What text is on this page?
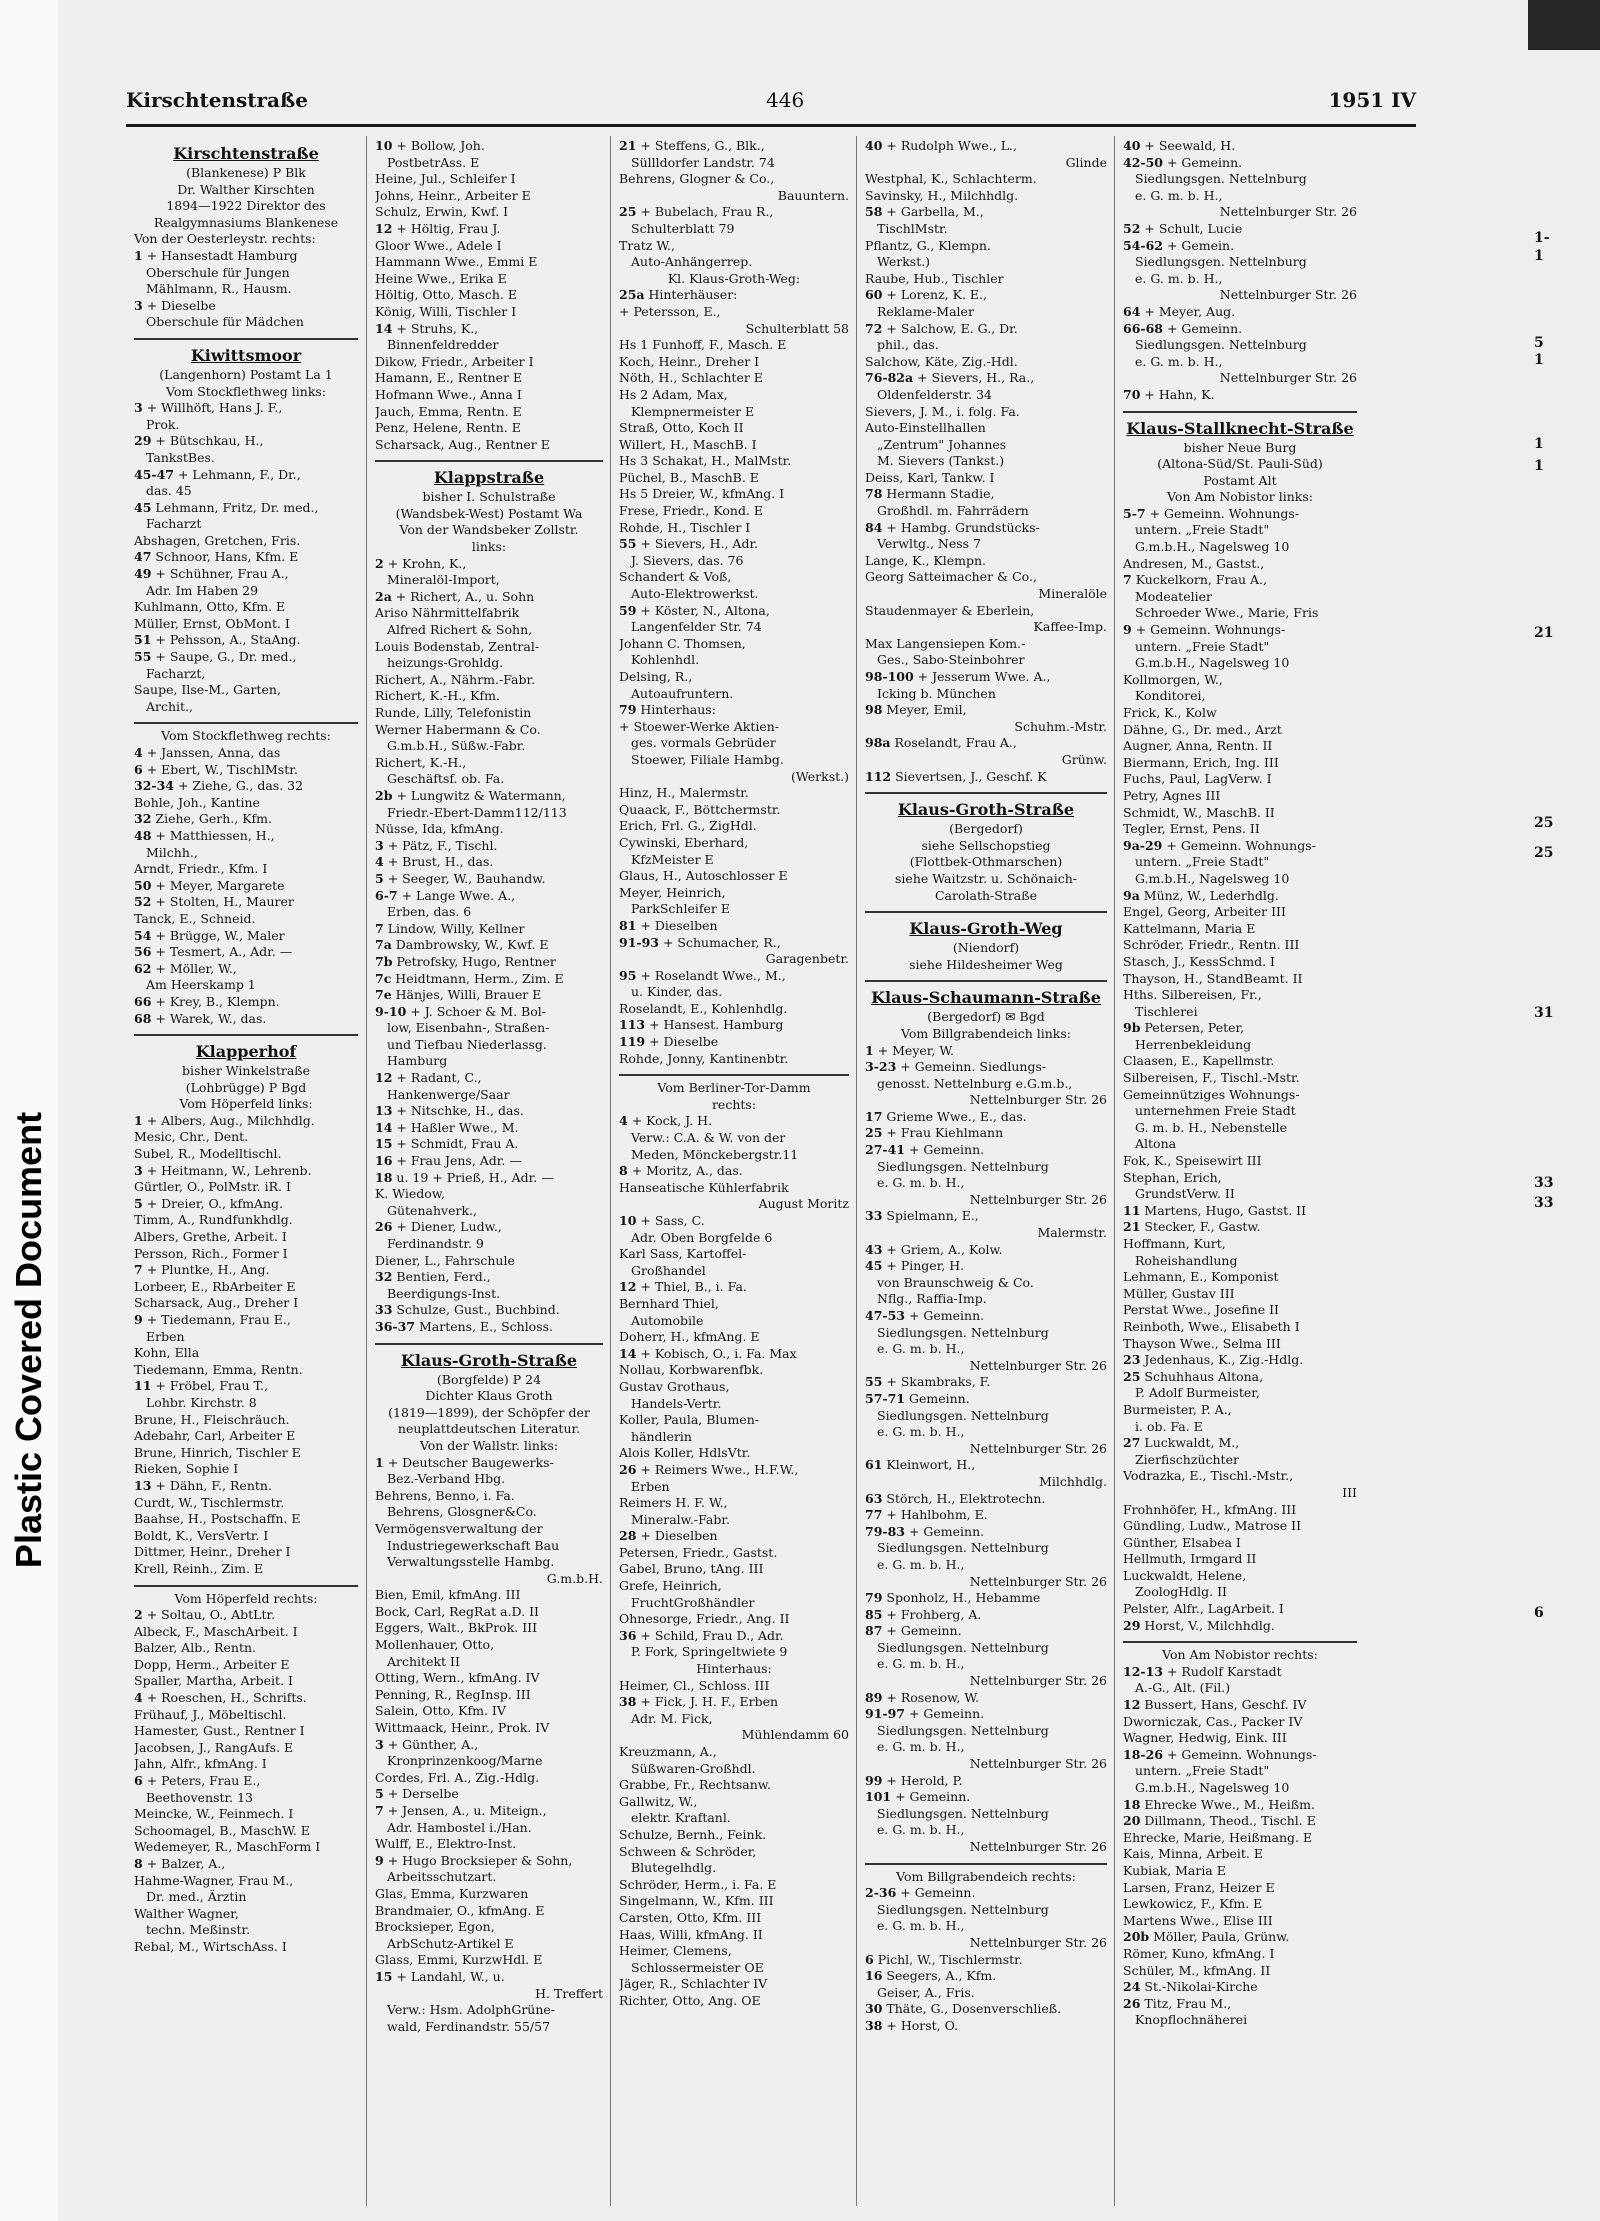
Plastic Covered Document
Kirschtenstraße	446	1951 IV
Kirschtenstraße
(Blankenese) P Blk
Dr. Walther Kirschten
1894—1922 Direktor des
Realgymnasiums Blankenese
Von der Oesterleystr. rechts:
1 + Hansestadt Hamburg
Oberschule für Jungen
Mählmann, R., Hausm.
3 + Dieselbe
Oberschule für Mädchen
Kiwittsmoor
(Langenhorn) Postamt La 1
Vom Stockflethweg links:
3 + Willhöft, Hans J. F.,
Prok.
29 + Bütschkau, H.,
TankstBes.
45-47 + Lehmann, F., Dr.,
das. 45
45 Lehmann, Fritz, Dr. med.,
Facharzt
Abshagen, Gretchen, Fris.
47 Schnoor, Hans, Kfm. E
49 + Schühner, Frau A.,
Adr. Im Haben 29
Kuhlmann, Otto, Kfm. E
Müller, Ernst, ObMont. I
51 + Pehsson, A., StaAng.
55 + Saupe, G., Dr. med.,
Facharzt,
Saupe, Ilse-M., Garten,
Archit.,
Vom Stockflethweg rechts:
4 + Janssen, Anna, das
6 + Ebert, W., TischlMstr.
32-34 + Ziehe, G., das. 32
Bohle, Joh., Kantine
32 Ziehe, Gerh., Kfm.
48 + Matthiessen, H.,
Milchh.,
Arndt, Friedr., Kfm. I
50 + Meyer, Margarete
52 + Stolten, H., Maurer
Tanck, E., Schneid.
54 + Brügge, W., Maler
56 + Tesmert, A., Adr. —
62 + Möller, W.,
Am Heerskamp 1
66 + Krey, B., Klempn.
68 + Warek, W., das.
Klapperhof
bisher Winkelstraße
(Lohbrügge) P Bgd
Vom Höperfeld links:
1 + Albers, Aug., Milchhdlg.
Mesic, Chr., Dent.
Subel, R., Modelltischl.
3 + Heitmann, W., Lehrenb.
Gürtler, O., PolMstr. iR. I
5 + Dreier, O., kfmAng.
Timm, A., Rundfunkhdlg.
Albers, Grethe, Arbeit. I
Persson, Rich., Former I
7 + Pluntke, H., Ang.
Lorbeer, E., RbArbeiter E
Scharsack, Aug., Dreher I
9 + Tiedemann, Frau E.,
Erben
Kohn, Ella
Tiedemann, Emma, Rentn.
11 + Fröbel, Frau T.,
Lohbr. Kirchstr. 8
Brune, H., Fleischräuch.
Adebahr, Carl, Arbeiter E
Brune, Hinrich, Tischler E
Rieken, Sophie I
13 + Dähn, F., Rentn.
Curdt, W., Tischlermstr.
Baahse, H., Postschaffn. E
Boldt, K., VersVertr. I
Dittmer, Heinr., Dreher I
Krell, Reinh., Zim. E
Vom Höperfeld rechts:
2 + Soltau, O., AbtLtr.
Albeck, F., MaschArbeit. I
Balzer, Alb., Rentn.
Dopp, Herm., Arbeiter E
Spaller, Martha, Arbeit. I
4 + Roeschen, H., Schrifts.
Frühauf, J., Möbeltischl.
Hamester, Gust., Rentner I
Jacobsen, J., RangAufs. E
Jahn, Alfr., kfmAng. I
6 + Peters, Frau E.,
Beethovenstr. 13
Meincke, W., Feinmech. I
Schoomagel, B., MaschW. E
Wedemeyer, R., MaschForm I
8 + Balzer, A.,
Hahme-Wagner, Frau M.,
Dr. med., Ärztin
Walther Wagner,
techn. Meßinstr.
Rebal, M., WirtschAss. I
10 + Bollow, Joh.
PostbetrAss. E
Heine, Jul., Schleifer I
Johns, Heinr., Arbeiter E
Schulz, Erwin, Kwf. I
12 + Höltig, Frau J.
Gloor Wwe., Adele I
Hammann Wwe., Emmi E
Heine Wwe., Erika E
Höltig, Otto, Masch. E
König, Willi, Tischler I
14 + Struhs, K.,
Binnenfeldredder
Dikow, Friedr., Arbeiter I
Hamann, E., Rentner E
Hofmann Wwe., Anna I
Jauch, Emma, Rentn. E
Penz, Helene, Rentn. E
Scharsack, Aug., Rentner E
Klappstraße
bisher I. Schulstraße
(Wandsbek-West) Postamt Wa
Von der Wandsbeker Zollstr.
links:
2 + Krohn, K.,
Mineralöl-Import,
2a + Richert, A., u. Sohn
Ariso Nährmittelfabrik
Alfred Richert & Sohn,
Louis Bodenstab, Zentral-
heizungs-Grohldg.
Richert, A., Nährm.-Fabr.
Richert, K.-H., Kfm.
Runde, Lilly, Telefonistin
Werner Habermann & Co.
G.m.b.H., Süßw.-Fabr.
Richert, K.-H.,
Geschäftsf. ob. Fa.
2b + Lungwitz & Watermann,
Friedr.-Ebert-Damm112/113
Nüsse, Ida, kfmAng.
3 + Pätz, F., Tischl.
4 + Brust, H., das.
5 + Seeger, W., Bauhandw.
6-7 + Lange Wwe. A.,
Erben, das. 6
7 Lindow, Willy, Kellner
7a Dambrowsky, W., Kwf. E
7b Petrofsky, Hugo, Rentner
7c Heidtmann, Herm., Zim. E
7e Hänjes, Willi, Brauer E
9-10 + J. Schoer & M. Bol-
low, Eisenbahn-, Straßen-
und Tiefbau Niederlassg.
Hamburg
12 + Radant, C.,
Hankenwerge/Saar
13 + Nitschke, H., das.
14 + Haßler Wwe., M.
15 + Schmidt, Frau A.
16 + Frau Jens, Adr. —
18 u. 19 + Prieß, H., Adr. —
K. Wiedow,
Gütenahverk.,
26 + Diener, Ludw.,
Ferdinandstr. 9
Diener, L., Fahrschule
32 Bentien, Ferd.,
Beerdigungs-Inst.
33 Schulze, Gust., Buchbind.
36-37 Martens, E., Schloss.
Klaus-Groth-Straße
(Borgfelde) P 24
Dichter Klaus Groth
(1819—1899), der Schöpfer der
neuplattdeutschen Literatur.
Von der Wallstr. links:
1 + Deutscher Baugewerks-
Bez.-Verband Hbg.
Behrens, Benno, i. Fa.
Behrens, Glosgner&Co.
Vermögensverwaltung der
Industriegewerkschaft Bau
Verwaltungsstelle Hambg.
G.m.b.H.
Bien, Emil, kfmAng. III
Bock, Carl, RegRat a.D. II
Eggers, Walt., BkProk. III
Mollenhauer, Otto,
Architekt II
Otting, Wern., kfmAng. IV
Penning, R., RegInsp. III
Salein, Otto, Kfm. IV
Wittmaack, Heinr., Prok. IV
3 + Günther, A.,
Kronprinzenkoog/Marne
Cordes, Frl. A., Zig.-Hdlg.
5 + Derselbe
7 + Jensen, A., u. Miteign.,
Adr. Hambostel i./Han.
Wulff, E., Elektro-Inst.
9 + Hugo Brocksieper & Sohn,
Arbeitsschutzart.
Glas, Emma, Kurzwaren
Brandmaier, O., kfmAng. E
Brocksieper, Egon,
ArbSchutz-Artikel E
Glass, Emmi, KurzwHdl. E
15 + Landahl, W., u.
H. Treffert
Verw.: Hsm. AdolphGrüne-
wald, Ferdinandstr. 55/57
21 + Steffens, G., Blk.,
Süllldorfer Landstr. 74
Behrens, Glogner & Co.,
Bauuntern.
25 + Bubelach, Frau R.,
Schulterblatt 79
Tratz W.,
Auto-Anhängerrep.
Kl. Klaus-Groth-Weg:
25a Hinterhäuser:
+ Petersson, E.,
Schulterblatt 58
Hs 1 Funhoff, F., Masch. E
Koch, Heinr., Dreher I
Nöth, H., Schlachter E
Hs 2 Adam, Max,
Klempnermeister E
Straß, Otto, Koch II
Willert, H., MaschB. I
Hs 3 Schakat, H., MalMstr.
Püchel, B., MaschB. E
Hs 5 Dreier, W., kfmAng. I
Frese, Friedr., Kond. E
Rohde, H., Tischler I
55 + Sievers, H., Adr.
J. Sievers, das. 76
Schandert & Voß,
Auto-Elektrowerkst.
59 + Köster, N., Altona,
Langenfelder Str. 74
Johann C. Thomsen,
Kohlenhdl.
Delsing, R.,
Autoaufruntern.
79 Hinterhaus:
+ Stoewer-Werke Aktien-
ges. vormals Gebrüder
Stoewer, Filiale Hambg.
(Werkst.)
Hinz, H., Malermstr.
Quaack, F., Böttchermstr.
Erich, Frl. G., ZigHdl.
Cywinski, Eberhard,
KfzMeister E
Glaus, H., Autoschlosser E
Meyer, Heinrich,
ParkSchleifer E
81 + Dieselben
91-93 + Schumacher, R.,
Garagenbetr.
95 + Roselandt Wwe., M.,
u. Kinder, das.
Roselandt, E., Kohlenhdlg.
113 + Hansest. Hamburg
119 + Dieselbe
Rohde, Jonny, Kantinenbtr.
Vom Berliner-Tor-Damm
rechts:
4 + Kock, J. H.
Verw.: C.A. & W. von der
Meden, Mönckebergstr.11
8 + Moritz, A., das.
Hanseatische Kühlerfabrik
August Moritz
10 + Sass, C.
Adr. Oben Borgfelde 6
Karl Sass, Kartoffel-
Großhandel
12 + Thiel, B., i. Fa.
Bernhard Thiel,
Automobile
Doherr, H., kfmAng. E
14 + Kobisch, O., i. Fa. Max
Nollau, Korbwarenfbk.
Gustav Grothaus,
Handels-Vertr.
Koller, Paula, Blumen-
händlerin
Alois Koller, HdlsVtr.
26 + Reimers Wwe., H.F.W.,
Erben
Reimers H. F. W.,
Mineralw.-Fabr.
28 + Dieselben
Petersen, Friedr., Gastst.
Gabel, Bruno, tAng. III
Grefe, Heinrich,
FruchtGroßhändler
Ohnesorge, Friedr., Ang. II
36 + Schild, Frau D., Adr.
P. Fork, Springeltwiete 9
Hinterhaus:
Heimer, Cl., Schloss. III
38 + Fick, J. H. F., Erben
Adr. M. Fick,
Mühlendamm 60
Kreuzmann, A.,
Süßwaren-Großhdl.
Grabbe, Fr., Rechtsanw.
Gallwitz, W.,
elektr. Kraftanl.
Schulze, Bernh., Feink.
Schween & Schröder,
Blutegelhdlg.
Schröder, Herm., i. Fa. E
Singelmann, W., Kfm. III
Carsten, Otto, Kfm. III
Haas, Willi, kfmAng. II
Heimer, Clemens,
Schlossermeister OE
Jäger, R., Schlachter IV
Richter, Otto, Ang. OE
40 + Rudolph Wwe., L.,
Glinde
Westphal, K., Schlachterm.
Savinsky, H., Milchhdlg.
58 + Garbella, M.,
TischlMstr.
Pflantz, G., Klempn.
Werkst.)
Raube, Hub., Tischler
60 + Lorenz, K. E.,
Reklame-Maler
72 + Salchow, E. G., Dr.
phil., das.
Salchow, Käte, Zig.-Hdl.
76-82a + Sievers, H., Ra.,
Oldenfelderstr. 34
Sievers, J. M., i. folg. Fa.
Auto-Einstellhallen
„Zentrum" Johannes
M. Sievers (Tankst.)
Deiss, Karl, Tankw. I
78 Hermann Stadie,
Großhdl. m. Fahrrädern
84 + Hambg. Grundstücks-
Verwltg., Ness 7
Lange, K., Klempn.
Georg Satteimacher & Co.,
Mineralöle
Staudenmayer & Eberlein,
Kaffee-Imp.
Max Langensiepen Kom.-
Ges., Sabo-Steinbohrer
98-100 + Jesserum Wwe. A.,
Icking b. München
98 Meyer, Emil,
Schuhm.-Mstr.
98a Roselandt, Frau A.,
Grünw.
112 Sievertsen, J., Geschf. K
Klaus-Groth-Straße
(Bergedorf)
siehe Sellschopstieg
(Flottbek-Othmarschen)
siehe Waitzstr. u. Schönaich-
Carolath-Straße
Klaus-Groth-Weg
(Niendorf)
siehe Hildesheimer Weg
Klaus-Schaumann-Straße
(Bergedorf) ✉ Bgd
Vom Billgrabendeich links:
1 + Meyer, W.
3-23 + Gemeinn. Siedlungs-
genosst. Nettelnburg e.G.m.b.,
Nettelnburger Str. 26
17 Grieme Wwe., E., das.
25 + Frau Kiehlmann
27-41 + Gemeinn.
Siedlungsgen. Nettelnburg
e. G. m. b. H.,
Nettelnburger Str. 26
33 Spielmann, E.,
Malermstr.
43 + Griem, A., Kolw.
45 + Pinger, H.
von Braunschweig & Co.
Nflg., Raffia-Imp.
47-53 + Gemeinn.
Siedlungsgen. Nettelnburg
e. G. m. b. H.,
Nettelnburger Str. 26
55 + Skambraks, F.
57-71 Gemeinn.
Siedlungsgen. Nettelnburg
e. G. m. b. H.,
Nettelnburger Str. 26
61 Kleinwort, H.,
Milchhdlg.
63 Störch, H., Elektrotechn.
77 + Hahlbohm, E.
79-83 + Gemeinn.
Siedlungsgen. Nettelnburg
e. G. m. b. H.,
Nettelnburger Str. 26
79 Sponholz, H., Hebamme
85 + Frohberg, A.
87 + Gemeinn.
Siedlungsgen. Nettelnburg
e. G. m. b. H.,
Nettelnburger Str. 26
89 + Rosenow, W.
91-97 + Gemeinn.
Siedlungsgen. Nettelnburg
e. G. m. b. H.,
Nettelnburger Str. 26
99 + Herold, P.
101 + Gemeinn.
Siedlungsgen. Nettelnburg
e. G. m. b. H.,
Nettelnburger Str. 26
Vom Billgrabendeich rechts:
2-36 + Gemeinn.
Siedlungsgen. Nettelnburg
e. G. m. b. H.,
Nettelnburger Str. 26
6 Pichl, W., Tischlermstr.
16 Seegers, A., Kfm.
Geiser, A., Fris.
30 Thäte, G., Dosenverschließ.
38 + Horst, O.
40 + Seewald, H.
42-50 + Gemeinn.
Siedlungsgen. Nettelnburg
e. G. m. b. H.,
Nettelnburger Str. 26
52 + Schult, Lucie
54-62 + Gemein.
Siedlungsgen. Nettelnburg
e. G. m. b. H.,
Nettelnburger Str. 26
64 + Meyer, Aug.
66-68 + Gemeinn.
Siedlungsgen. Nettelnburg
e. G. m. b. H.,
Nettelnburger Str. 26
70 + Hahn, K.
Klaus-Stallknecht-Straße
bisher Neue Burg
(Altona-Süd/St. Pauli-Süd)
Postamt Alt
Von Am Nobistor links:
5-7 + Gemeinn. Wohnungs-
untern. „Freie Stadt"
G.m.b.H., Nagelsweg 10
Andresen, M., Gastst.,
7 Kuckelkorn, Frau A.,
Modeatelier
Schroeder Wwe., Marie, Fris
9 + Gemeinn. Wohnungs-
untern. „Freie Stadt"
G.m.b.H., Nagelsweg 10
Kollmorgen, W.,
Konditorei,
Frick, K., Kolw
Dähne, G., Dr. med., Arzt
Augner, Anna, Rentn. II
Biermann, Erich, Ing. III
Fuchs, Paul, LagVerw. I
Petry, Agnes III
Schmidt, W., MaschB. II
Tegler, Ernst, Pens. II
9a-29 + Gemeinn. Wohnungs-
untern. „Freie Stadt"
G.m.b.H., Nagelsweg 10
9a Münz, W., Lederhdlg.
Engel, Georg, Arbeiter III
Kattelmann, Maria E
Schröder, Friedr., Rentn. III
Stasch, J., KessSchmd. I
Thayson, H., StandBeamt. II
Hths. Silbereisen, Fr.,
Tischlerei
9b Petersen, Peter,
Herrenbekleidung
Claasen, E., Kapellmstr.
Silbereisen, F., Tischl.-Mstr.
Gemeinnütziges Wohnungs-
unternehmen Freie Stadt
G. m. b. H., Nebenstelle
Altona
Fok, K., Speisewirt III
Stephan, Erich,
GrundstVerw. II
11 Martens, Hugo, Gastst. II
21 Stecker, F., Gastw.
Hoffmann, Kurt,
Roheishandlung
Lehmann, E., Komponist
Müller, Gustav III
Perstat Wwe., Josefine II
Reinboth, Wwe., Elisabeth I
Thayson Wwe., Selma III
23 Jedenhaus, K., Zig.-Hdlg.
25 Schuhhaus Altona,
P. Adolf Burmeister,
Burmeister, P. A.,
i. ob. Fa. E
27 Luckwaldt, M.,
Zierfischzüchter
Vodrazka, E., Tischl.-Mstr.,
III
Frohnhöfer, H., kfmAng. III
Gündling, Ludw., Matrose II
Günther, Elsabea I
Hellmuth, Irmgard II
Luckwaldt, Helene,
ZoologHdlg. II
Pelster, Alfr., LagArbeit. I
29 Horst, V., Milchhdlg.
Von Am Nobistor rechts:
12-13 + Rudolf Karstadt
A.-G., Alt. (Fil.)
12 Bussert, Hans, Geschf. IV
Dworniczak, Cas., Packer IV
Wagner, Hedwig, Eink. III
18-26 + Gemeinn. Wohnungs-
untern. „Freie Stadt"
G.m.b.H., Nagelsweg 10
18 Ehrecke Wwe., M., Heißm.
20 Dillmann, Theod., Tischl. E
Ehrecke, Marie, Heißmang. E
Kais, Minna, Arbeit. E
Kubiak, Maria E
Larsen, Franz, Heizer E
Lewkowicz, F., Kfm. E
Martens Wwe., Elise III
20b Möller, Paula, Grünw.
Römer, Kuno, kfmAng. I
Schüler, M., kfmAng. II
24 St.-Nikolai-Kirche
26 Titz, Frau M.,
Knopflochnäherei
1-
1
5
1
1
1
21
25
25
31
33
33
6
